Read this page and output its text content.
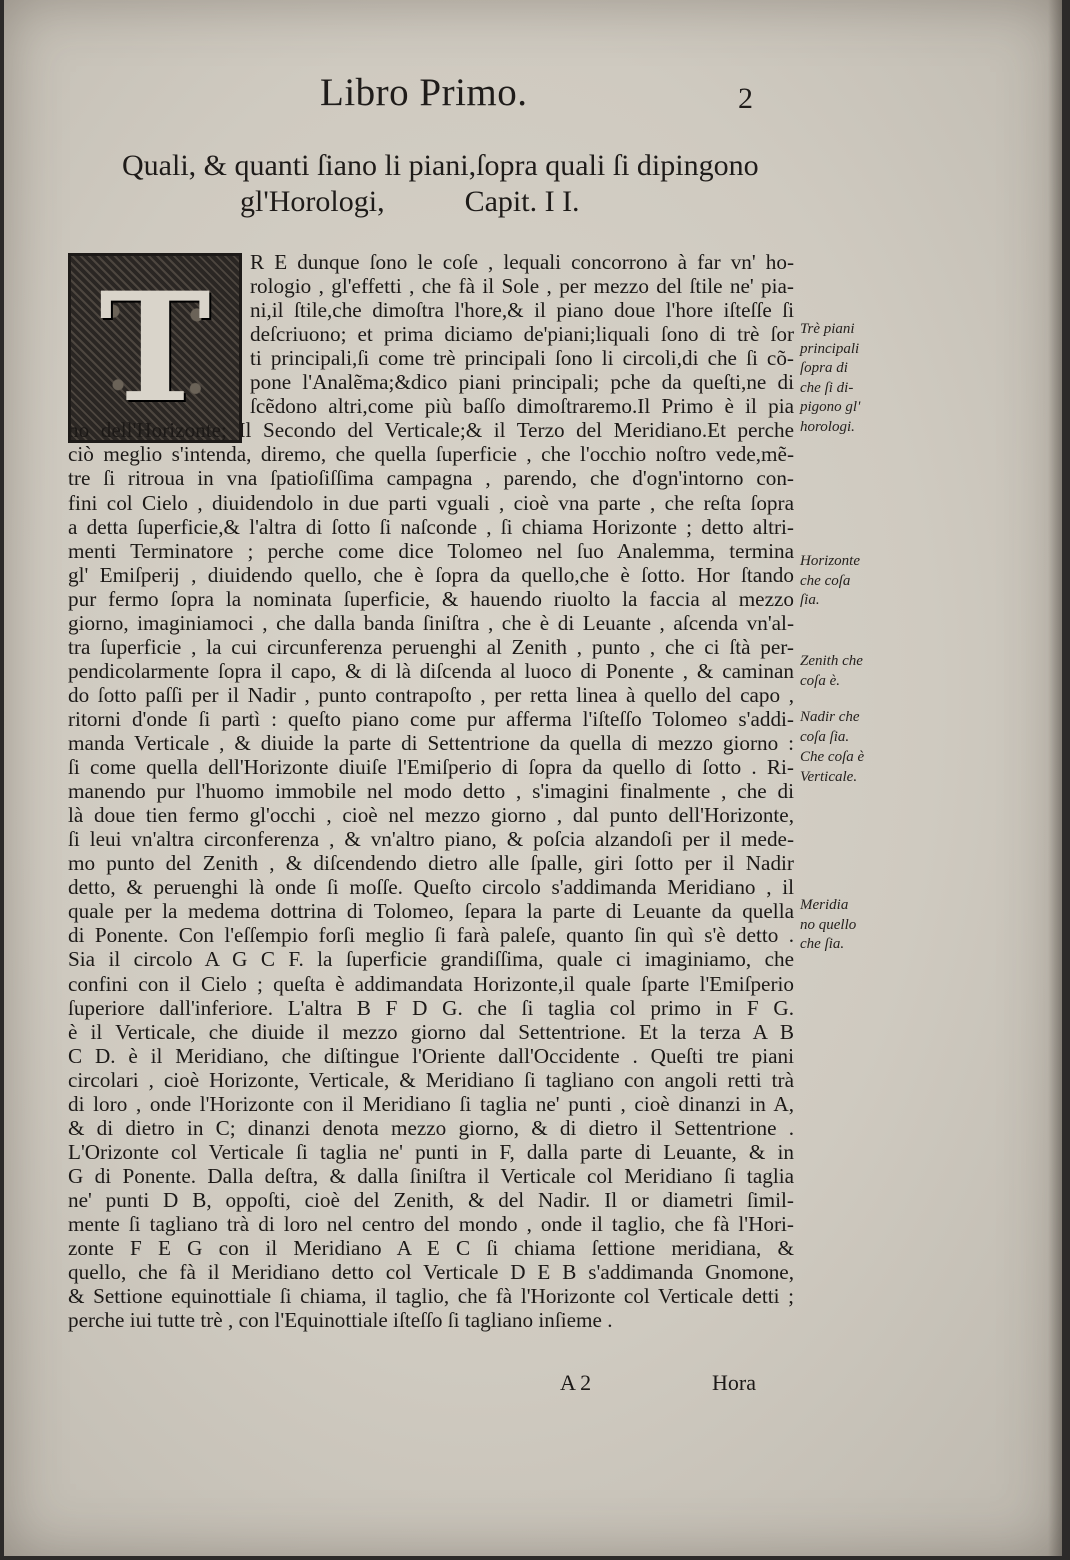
Libro Primo.	2
Quali, & quanti ſiano li piani,ſopra quali ſi dipingono
gl'Horologi,	Capit. I I.
T R E dunque ſono le coſe , lequali concorrono à far vn' ho-
rologio , gl'effetti , che fà il Sole , per mezzo del ſtile ne' pia-
ni,il ſtile,che dimoſtra l'hore,& il piano doue l'hore iſteſſe ſi
deſcriuono; et prima diciamo de'piani;liquali ſono di trè ſor
ti principali,ſi come trè principali ſono li circoli,di che ſi cõ-
pone l'Analẽma;&dico piani principali; pche da queſti,ne di
ſcẽdono altri,come più baſſo dimoſtraremo.Il Primo è il pia
no dell'Horizonte; Il Secondo del Verticale;& il Terzo del Meridiano.Et perche
ciò meglio s'intenda, diremo, che quella ſuperficie , che l'occhio noſtro vede,mẽ-
tre ſi ritroua in vna ſpatioſiſſima campagna , parendo, che d'ogn'intorno con-
fini col Cielo , diuidendolo in due parti vguali , cioè vna parte , che reſta ſopra
a detta ſuperficie,& l'altra di ſotto ſi naſconde , ſi chiama Horizonte ; detto altri-
menti Terminatore ; perche come dice Tolomeo nel ſuo Analemma, termina
gl' Emiſperij , diuidendo quello, che è ſopra da quello,che è ſotto. Hor ſtando
pur fermo ſopra la nominata ſuperficie, & hauendo riuolto la faccia al mezzo
giorno, imaginiamoci , che dalla banda ſiniſtra , che è di Leuante , aſcenda vn'al-
tra ſuperficie , la cui circunferenza peruenghi al Zenith , punto , che ci ſtà per-
pendicolarmente ſopra il capo, & di là diſcenda al luoco di Ponente , & caminan
do ſotto paſſi per il Nadir , punto contrapoſto , per retta linea à quello del capo ,
ritorni d'onde ſi partì : queſto piano come pur afferma l'iſteſſo Tolomeo s'addi-
manda Verticale , & diuide la parte di Settentrione da quella di mezzo giorno :
ſi come quella dell'Horizonte diuiſe l'Emiſperio di ſopra da quello di ſotto . Ri-
manendo pur l'huomo immobile nel modo detto , s'imagini finalmente , che di
là doue tien fermo gl'occhi , cioè nel mezzo giorno , dal punto dell'Horizonte,
ſi leui vn'altra circonferenza , & vn'altro piano, & poſcia alzandoſi per il mede-
mo punto del Zenith , & diſcendendo dietro alle ſpalle, giri ſotto per il Nadir
detto, & peruenghi là onde ſi moſſe. Queſto circolo s'addimanda Meridiano , il
quale per la medema dottrina di Tolomeo, ſepara la parte di Leuante da quella
di Ponente. Con l'eſſempio forſi meglio ſi farà paleſe, quanto ſin quì s'è detto .
Sia il circolo A G C F. la ſuperficie grandiſſima, quale ci imaginiamo, che
confini con il Cielo ; queſta è addimandata Horizonte,il quale ſparte l'Emiſperio
ſuperiore dall'inferiore. L'altra B F D G. che ſi taglia col primo in F G.
è il Verticale, che diuide il mezzo giorno dal Settentrione. Et la terza A B
C D. è il Meridiano, che diſtingue l'Oriente dall'Occidente . Queſti tre piani
circolari , cioè Horizonte, Verticale, & Meridiano ſi tagliano con angoli retti trà
di loro , onde l'Horizonte con il Meridiano ſi taglia ne' punti , cioè dinanzi in A,
& di dietro in C; dinanzi denota mezzo giorno, & di dietro il Settentrione .
L'Orizonte col Verticale ſi taglia ne' punti in F, dalla parte di Leuante, & in
G di Ponente. Dalla deſtra, & dalla ſiniſtra il Verticale col Meridiano ſi taglia
ne' punti D B, oppoſti, cioè del Zenith, & del Nadir. Il or diametri ſimil-
mente ſi tagliano trà di loro nel centro del mondo , onde il taglio, che fà l'Hori-
zonte F E G con il Meridiano A E C ſi chiama ſettione meridiana, &
quello, che fà il Meridiano detto col Verticale D E B s'addimanda Gnomone,
& Settione equinottiale ſi chiama, il taglio, che fà l'Horizonte col Verticale detti ;
perche iui tutte trè , con l'Equinottiale iſteſſo ſi tagliano inſieme .
Trè piani
principali
ſopra di
che ſi di-
pigono gl'
horologi.
Horizonte
che coſa
ſia.
Zenith che
coſa è.
Nadir che
coſa ſia.
Che coſa è
Verticale.
Meridia
no quello
che ſia.
A 2	Hora
